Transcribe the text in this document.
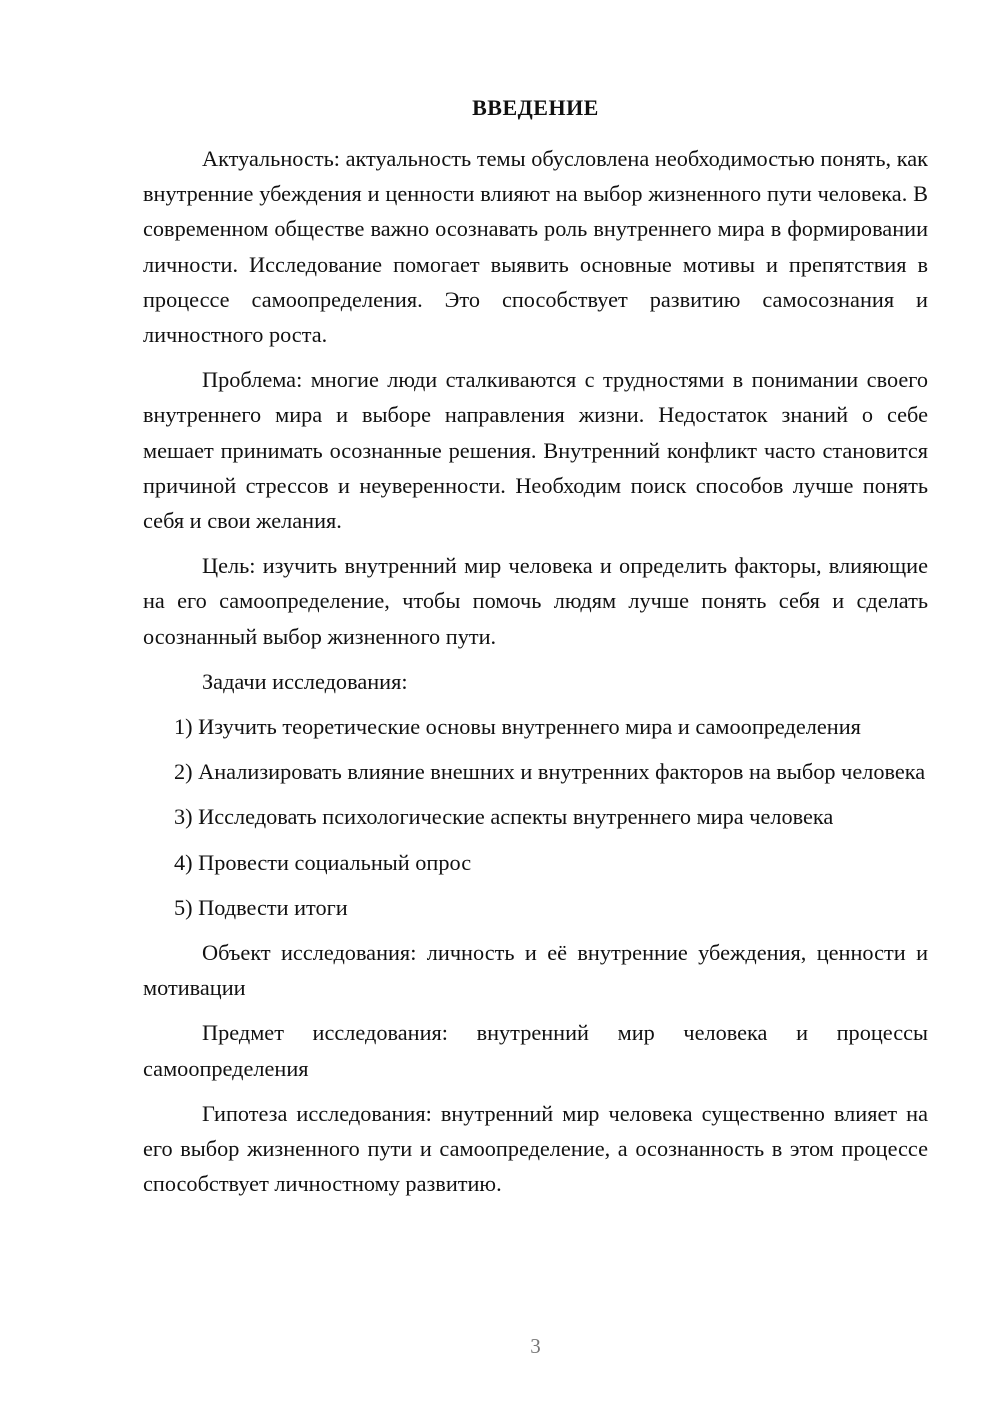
ВВЕДЕНИЕ

Актуальность: актуальность темы обусловлена необходимостью понять, как внутренние убеждения и ценности влияют на выбор жизненного пути человека. В современном обществе важно осознавать роль внутреннего мира в формировании личности. Исследование помогает выявить основные мотивы и препятствия в процессе самоопределения. Это способствует развитию самосознания и личностного роста.

Проблема: многие люди сталкиваются с трудностями в понимании своего внутреннего мира и выборе направления жизни. Недостаток знаний о себе мешает принимать осознанные решения. Внутренний конфликт часто становится причиной стрессов и неуверенности. Необходим поиск способов лучше понять себя и свои желания.

Цель: изучить внутренний мир человека и определить факторы, влияющие на его самоопределение, чтобы помочь людям лучше понять себя и сделать осознанный выбор жизненного пути.

Задачи исследования:

1) Изучить теоретические основы внутреннего мира и самоопределения

2) Анализировать влияние внешних и внутренних факторов на выбор человека

3) Исследовать психологические аспекты внутреннего мира человека

4) Провести социальный опрос

5) Подвести итоги

Объект исследования: личность и её внутренние убеждения, ценности и мотивации

Предмет исследования: внутренний мир человека и процессы самоопределения

Гипотеза исследования: внутренний мир человека существенно влияет на его выбор жизненного пути и самоопределение, а осознанность в этом процессе способствует личностному развитию.

3
